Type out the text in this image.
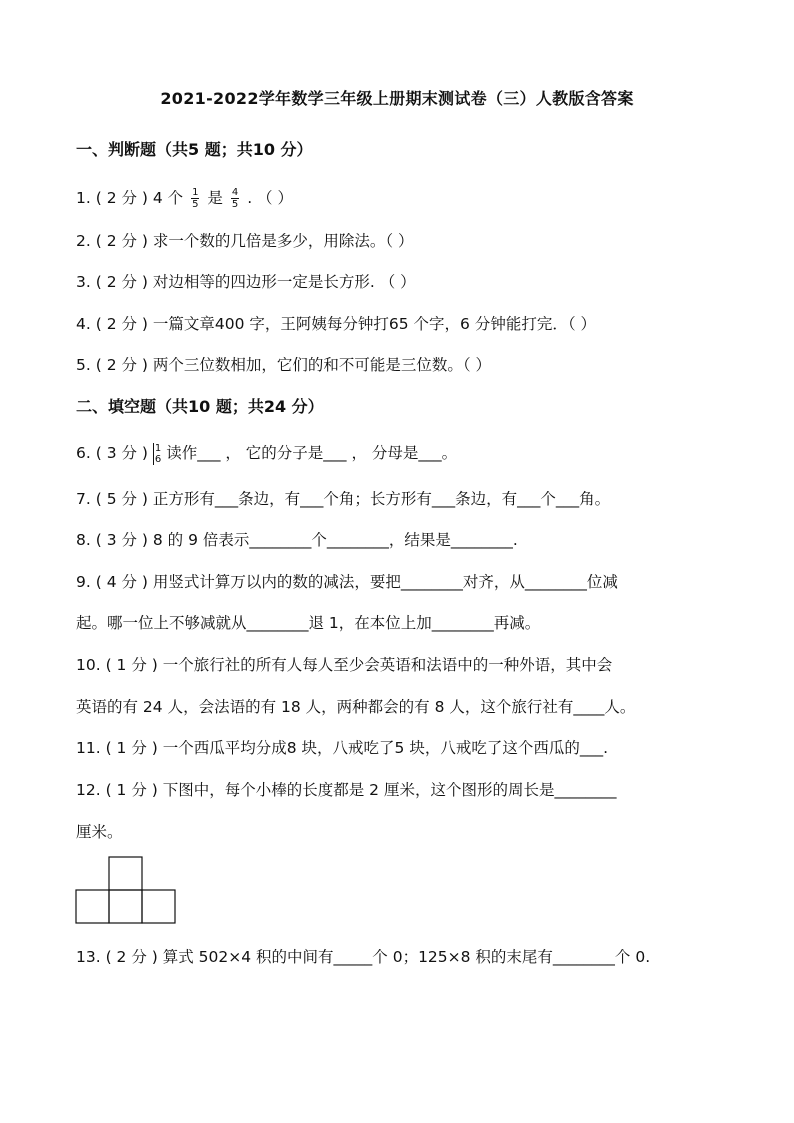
2021-2022学年数学三年级上册期末测试卷（三）人教版含答案
一、判断题（共5 题；共10 分）
1. ( 2 分 ) 4 个 $\frac{1}{5}$ 是 $\frac{4}{5}$ . （ ）
2. ( 2 分 ) 求一个数的几倍是多少，用除法。（ ）
3. ( 2 分 ) 对边相等的四边形一定是长方形. （ ）
4. ( 2 分 ) 一篇文章400 字，王阿姨每分钟打65 个字，6 分钟能打完．（ ）
5. ( 2 分 ) 两个三位数相加，它们的和不可能是三位数。（ ）
二、填空题（共10 题；共24 分）
6. ( 3 分 ) 1
6 读作___ ， 它的分子是___ ， 分母是___。
7. ( 5 分 ) 正方形有___条边，有___个角；长方形有___条边，有___个___角。
8. ( 3 分 ) 8 的 9 倍表示________个________，结果是________.
9. ( 4 分 ) 用竖式计算万以内的数的减法，要把________对齐，从________位减
起。哪一位上不够减就从________退 1，在本位上加________再减。
10. ( 1 分 ) 一个旅行社的所有人每人至少会英语和法语中的一种外语，其中会
英语的有 24 人，会法语的有 18 人，两种都会的有 8 人，这个旅行社有____人。
11. ( 1 分 ) 一个西瓜平均分成8 块，八戒吃了5 块，八戒吃了这个西瓜的___.
12. ( 1 分 ) 下图中，每个小棒的长度都是 2 厘米，这个图形的周长是________
厘米。
13. ( 2 分 ) 算式 502×4 积的中间有_____个 0；125×8 积的末尾有________个 0.
